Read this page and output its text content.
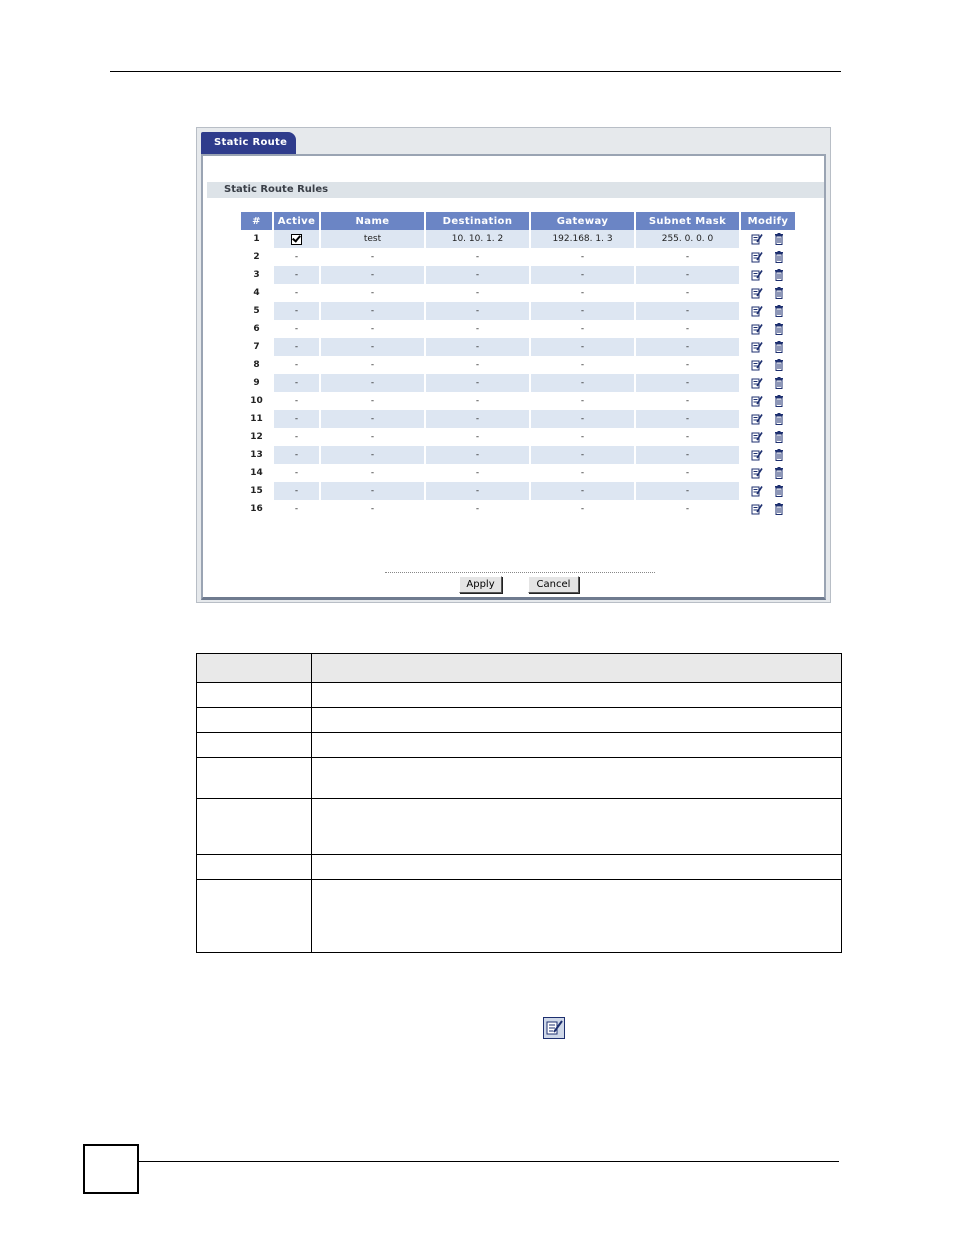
Static Route
Static Route Rules
#	Active	Name	Destination	Gateway	Subnet Mask	Modify
1		test	10. 10. 1. 2	192.168. 1. 3	255. 0. 0. 0	
2	-	-	-	-	-	
3	-	-	-	-	-	
4	-	-	-	-	-	
5	-	-	-	-	-	
6	-	-	-	-	-	
7	-	-	-	-	-	
8	-	-	-	-	-	
9	-	-	-	-	-	
10	-	-	-	-	-	
11	-	-	-	-	-	
12	-	-	-	-	-	
13	-	-	-	-	-	
14	-	-	-	-	-	
15	-	-	-	-	-	
16	-	-	-	-	-	
Apply	Cancel
